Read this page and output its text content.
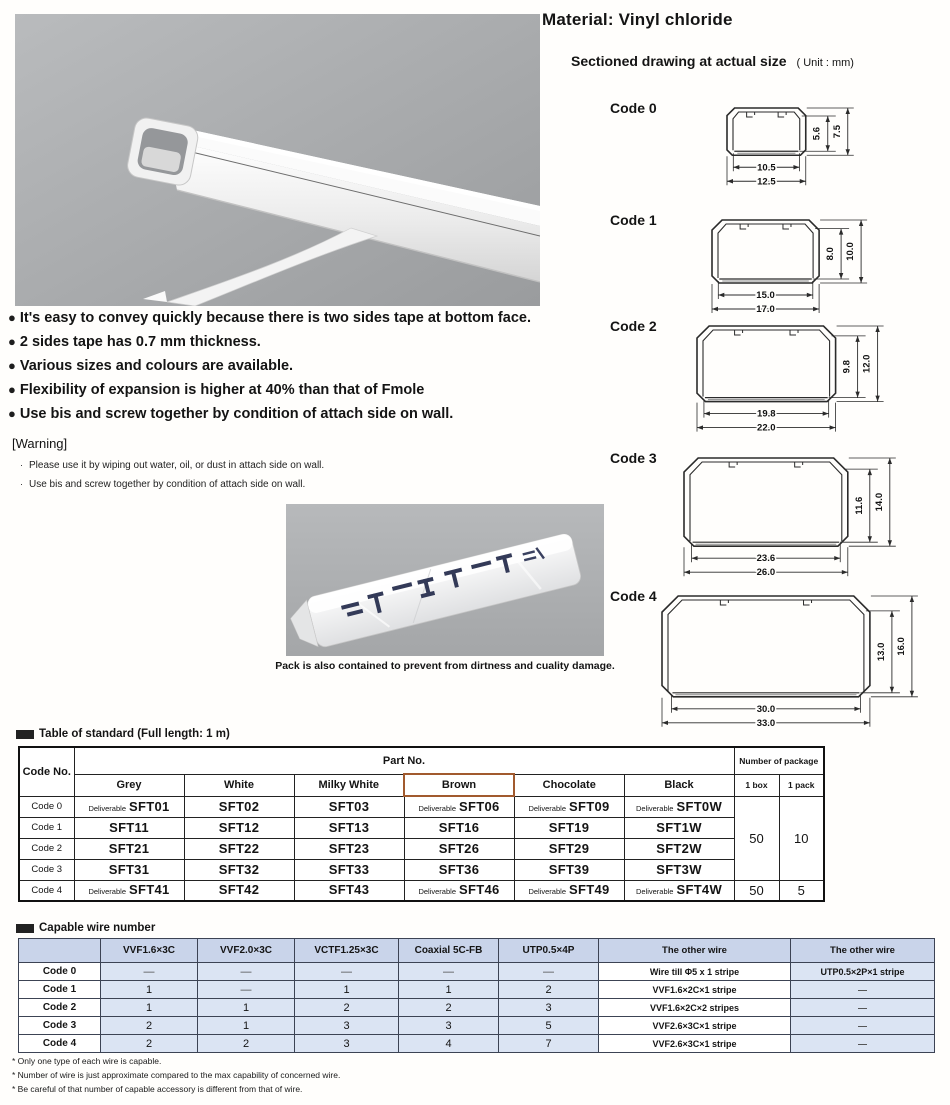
Material: Vinyl chloride
Sectioned drawing at actual size ( Unit : mm)
Code 0
5.6 7.5
10.5
12.5
Code 1
8.0 10.0
15.0
17.0
Code 2
9.8 12.0
19.8
22.0
Code 3
11.6 14.0
23.6
26.0
Code 4
13.0 16.0
30.0
33.0
● It's easy to convey quickly because there is two sides tape at bottom face.
● 2 sides tape has 0.7 mm thickness.
● Various sizes and colours are available.
● Flexibility of expansion is higher at 40% than that of Fmole
● Use bis and screw together by condition of attach side on wall.
[Warning]
· Please use it by wiping out water, oil, or dust in attach side on wall.
· Use bis and screw together by condition of attach side on wall.
Pack is also contained to prevent from dirtness and cuality damage.
Table of standard (Full length: 1 m)
Code No.	Part No.						Number of package	
	Grey	White	Milky White	Brown	Chocolate	Black	1 box	1 pack
Code 0	Deliverable SFT01	SFT02	SFT03	Deliverable SFT06	Deliverable SFT09	Deliverable SFT0W	50	10
Code 1	SFT11	SFT12	SFT13	SFT16	SFT19	SFT1W		
Code 2	SFT21	SFT22	SFT23	SFT26	SFT29	SFT2W		
Code 3	SFT31	SFT32	SFT33	SFT36	SFT39	SFT3W		
Code 4	Deliverable SFT41	SFT42	SFT43	Deliverable SFT46	Deliverable SFT49	Deliverable SFT4W	50	5
Capable wire number
	VVF1.6×3C	VVF2.0×3C	VCTF1.25×3C	Coaxial 5C-FB	UTP0.5×4P	The other wire	The other wire
Code 0	—	—	—	—	—	Wire till Φ5 x 1 stripe	UTP0.5×2P×1 stripe
Code 1	1	—	1	1	2	VVF1.6×2C×1 stripe	—
Code 2	1	1	2	2	3	VVF1.6×2C×2 stripes	—
Code 3	2	1	3	3	5	VVF2.6×3C×1 stripe	—
Code 4	2	2	3	4	7	VVF2.6×3C×1 stripe	—
* Only one type of each wire is capable.
* Number of wire is just approximate compared to the max capability of concerned wire.
* Be careful of that number of capable accessory is different from that of wire.
